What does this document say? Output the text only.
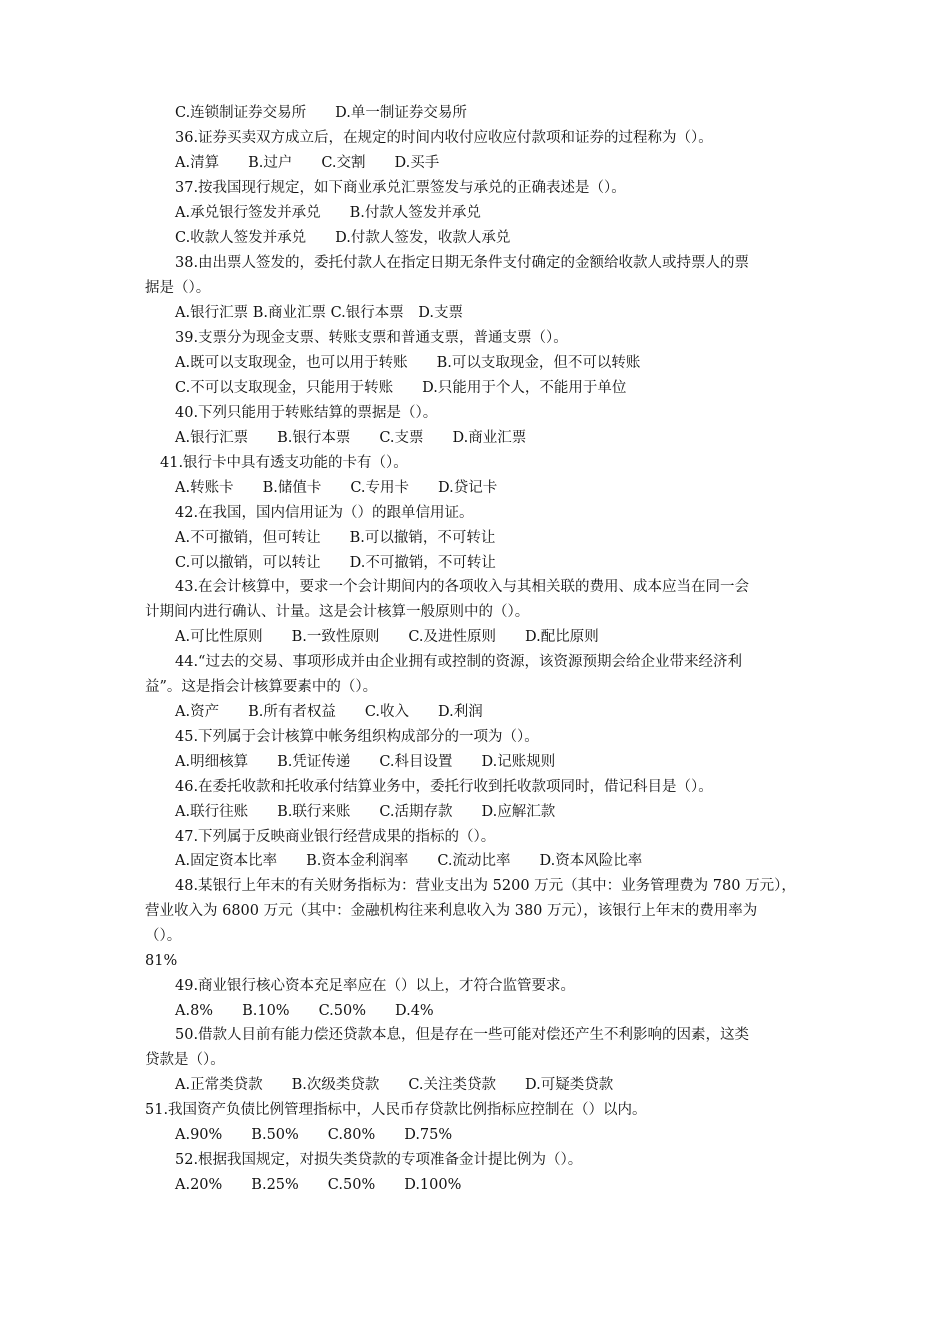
C.连锁制证券交易所　　D.单一制证券交易所
36.证券买卖双方成立后，在规定的时间内收付应收应付款项和证券的过程称为（）。
A.清算　　B.过户　　C.交割　　D.买手
37.按我国现行规定，如下商业承兑汇票签发与承兑的正确表述是（）。
A.承兑银行签发并承兑　　B.付款人签发并承兑
C.收款人签发并承兑　　D.付款人签发，收款人承兑
38.由出票人签发的，委托付款人在指定日期无条件支付确定的金额给收款人或持票人的票
据是（）。
A.银行汇票 B.商业汇票 C.银行本票　D.支票
39.支票分为现金支票、转账支票和普通支票，普通支票（）。
A.既可以支取现金，也可以用于转账　　B.可以支取现金，但不可以转账
C.不可以支取现金，只能用于转账　　D.只能用于个人，不能用于单位
40.下列只能用于转账结算的票据是（）。
A.银行汇票　　B.银行本票　　C.支票　　D.商业汇票
41.银行卡中具有透支功能的卡有（）。
A.转账卡　　B.储值卡　　C.专用卡　　D.贷记卡
42.在我国，国内信用证为（）的跟单信用证。
A.不可撤销，但可转让　　B.可以撤销，不可转让
C.可以撤销，可以转让　　D.不可撤销，不可转让
43.在会计核算中，要求一个会计期间内的各项收入与其相关联的费用、成本应当在同一会
计期间内进行确认、计量。这是会计核算一般原则中的（）。
A.可比性原则　　B.一致性原则　　C.及进性原则　　D.配比原则
44.“过去的交易、事项形成并由企业拥有或控制的资源，该资源预期会给企业带来经济利
益”。这是指会计核算要素中的（）。
A.资产　　B.所有者权益　　C.收入　　D.利润
45.下列属于会计核算中帐务组织构成部分的一项为（）。
A.明细核算　　B.凭证传递　　C.科目设置　　D.记账规则
46.在委托收款和托收承付结算业务中，委托行收到托收款项同时，借记科目是（）。
A.联行往账　　B.联行来账　　C.活期存款　　D.应解汇款
47.下列属于反映商业银行经营成果的指标的（）。
A.固定资本比率　　B.资本金利润率　　C.流动比率　　D.资本风险比率
48.某银行上年末的有关财务指标为：营业支出为 5200 万元（其中：业务管理费为 780 万元），
营业收入为 6800 万元（其中：金融机构往来利息收入为 380 万元），该银行上年末的费用率为
（）。
81%
49.商业银行核心资本充足率应在（）以上，才符合监管要求。
A.8%　　B.10%　　C.50%　　D.4%
50.借款人目前有能力偿还贷款本息，但是存在一些可能对偿还产生不利影响的因素，这类
贷款是（）。
A.正常类贷款　　B.次级类贷款　　C.关注类贷款　　D.可疑类贷款
51.我国资产负债比例管理指标中，人民币存贷款比例指标应控制在（）以内。
A.90%　　B.50%　　C.80%　　D.75%
52.根据我国规定，对损失类贷款的专项准备金计提比例为（）。
A.20%　　B.25%　　C.50%　　D.100%
